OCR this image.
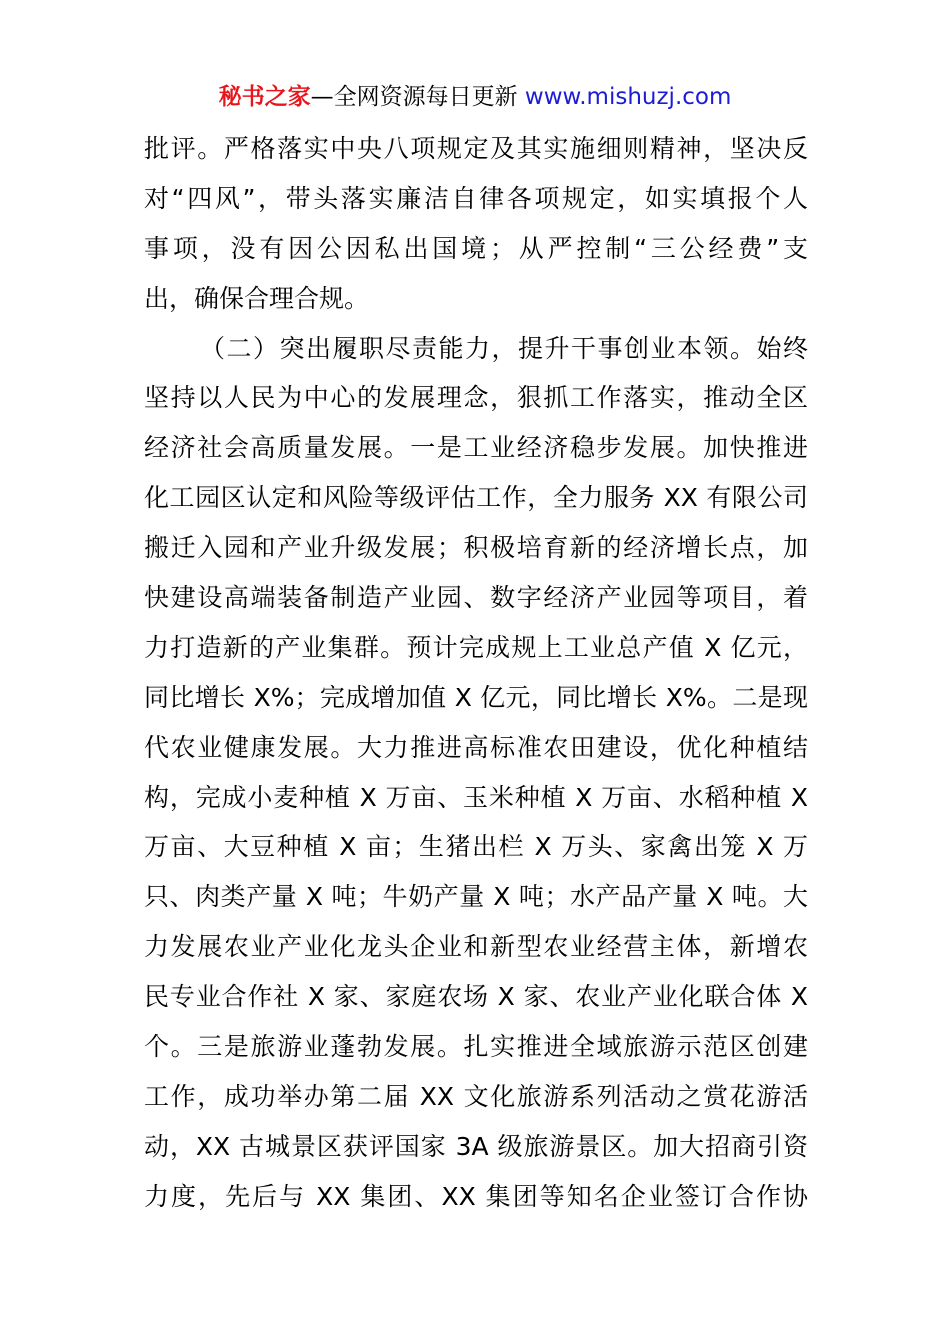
秘书之家—全网资源每日更新 www.mishuzj.com
批评。严格落实中央八项规定及其实施细则精神，坚决反
对“四风”，带头落实廉洁自律各项规定，如实填报个人
事项，没有因公因私出国境；从严控制“三公经费”支
出，确保合理合规。
（二）突出履职尽责能力，提升干事创业本领。始终
坚持以人民为中心的发展理念，狠抓工作落实，推动全区
经济社会高质量发展。一是工业经济稳步发展。加快推进
化工园区认定和风险等级评估工作，全力服务 XX 有限公司
搬迁入园和产业升级发展；积极培育新的经济增长点，加
快建设高端装备制造产业园、数字经济产业园等项目，着
力打造新的产业集群。预计完成规上工业总产值 X 亿元，
同比增长 X%；完成增加值 X 亿元，同比增长 X%。二是现
代农业健康发展。大力推进高标准农田建设，优化种植结
构，完成小麦种植 X 万亩、玉米种植 X 万亩、水稻种植 X
万亩、大豆种植 X 亩；生猪出栏 X 万头、家禽出笼 X 万
只、肉类产量 X 吨；牛奶产量 X 吨；水产品产量 X 吨。大
力发展农业产业化龙头企业和新型农业经营主体，新增农
民专业合作社 X 家、家庭农场 X 家、农业产业化联合体 X
个。三是旅游业蓬勃发展。扎实推进全域旅游示范区创建
工作，成功举办第二届 XX 文化旅游系列活动之赏花游活
动，XX 古城景区获评国家 3A 级旅游景区。加大招商引资
力度，先后与 XX 集团、XX 集团等知名企业签订合作协
